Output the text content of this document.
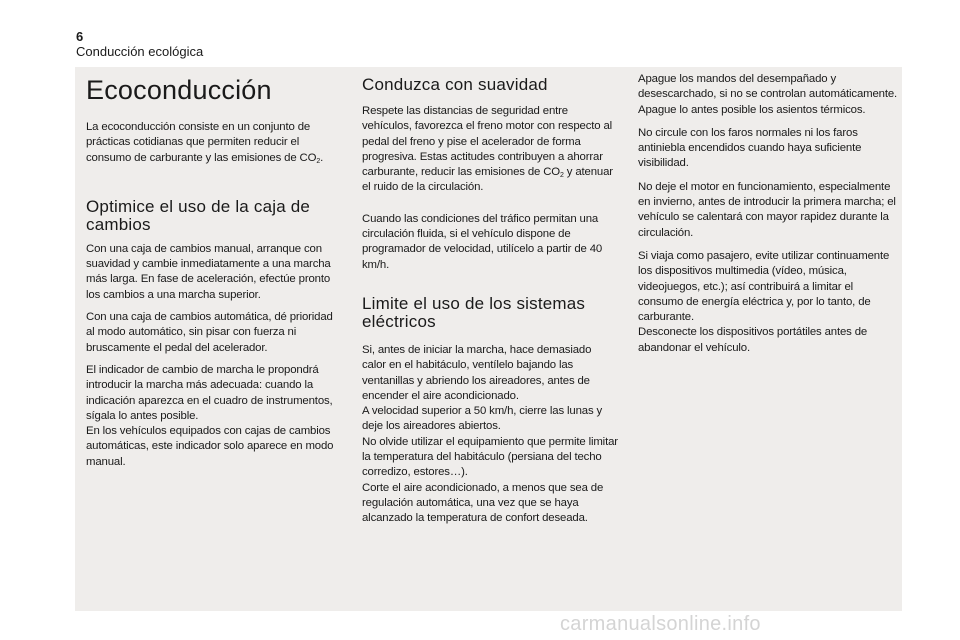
6
Conducción ecológica
Ecoconducción

La ecoconducción consiste en un conjunto de prácticas cotidianas que permiten reducir el consumo de carburante y las emisiones de $CO_2$.

Optimice el uso de la caja de cambios

Con una caja de cambios manual, arranque con suavidad y cambie inmediatamente a una marcha más larga. En fase de aceleración, efectúe pronto los cambios a una marcha superior.

Con una caja de cambios automática, dé prioridad al modo automático, sin pisar con fuerza ni bruscamente el pedal del acelerador.

El indicador de cambio de marcha le propondrá introducir la marcha más adecuada: cuando la indicación aparezca en el cuadro de instrumentos, sígala lo antes posible.

En los vehículos equipados con cajas de cambios automáticas, este indicador solo aparece en modo manual.

Conduzca con suavidad

Respete las distancias de seguridad entre vehículos, favorezca el freno motor con respecto al pedal del freno y pise el acelerador de forma progresiva. Estas actitudes contribuyen a ahorrar carburante, reducir las emisiones de $CO_2$ y atenuar el ruido de la circulación.

Cuando las condiciones del tráfico permitan una circulación fluida, si el vehículo dispone de programador de velocidad, utilícelo a partir de 40 km/h.

Limite el uso de los sistemas eléctricos

Si, antes de iniciar la marcha, hace demasiado calor en el habitáculo, ventílelo bajando las ventanillas y abriendo los aireadores, antes de encender el aire acondicionado.

A velocidad superior a 50 km/h, cierre las lunas y deje los aireadores abiertos.

No olvide utilizar el equipamiento que permite limitar la temperatura del habitáculo (persiana del techo corredizo, estores…).

Corte el aire acondicionado, a menos que sea de regulación automática, una vez que se haya alcanzado la temperatura de confort deseada.

Apague los mandos del desempañado y desescarchado, si no se controlan automáticamente.

Apague lo antes posible los asientos térmicos.

No circule con los faros normales ni los faros antiniebla encendidos cuando haya suficiente visibilidad.

No deje el motor en funcionamiento, especialmente en invierno, antes de introducir la primera marcha; el vehículo se calentará con mayor rapidez durante la circulación.

Si viaja como pasajero, evite utilizar continuamente los dispositivos multimedia (vídeo, música, videojuegos, etc.); así contribuirá a limitar el consumo de energía eléctrica y, por lo tanto, de carburante.

Desconecte los dispositivos portátiles antes de abandonar el vehículo.

carmanualsonline.info
